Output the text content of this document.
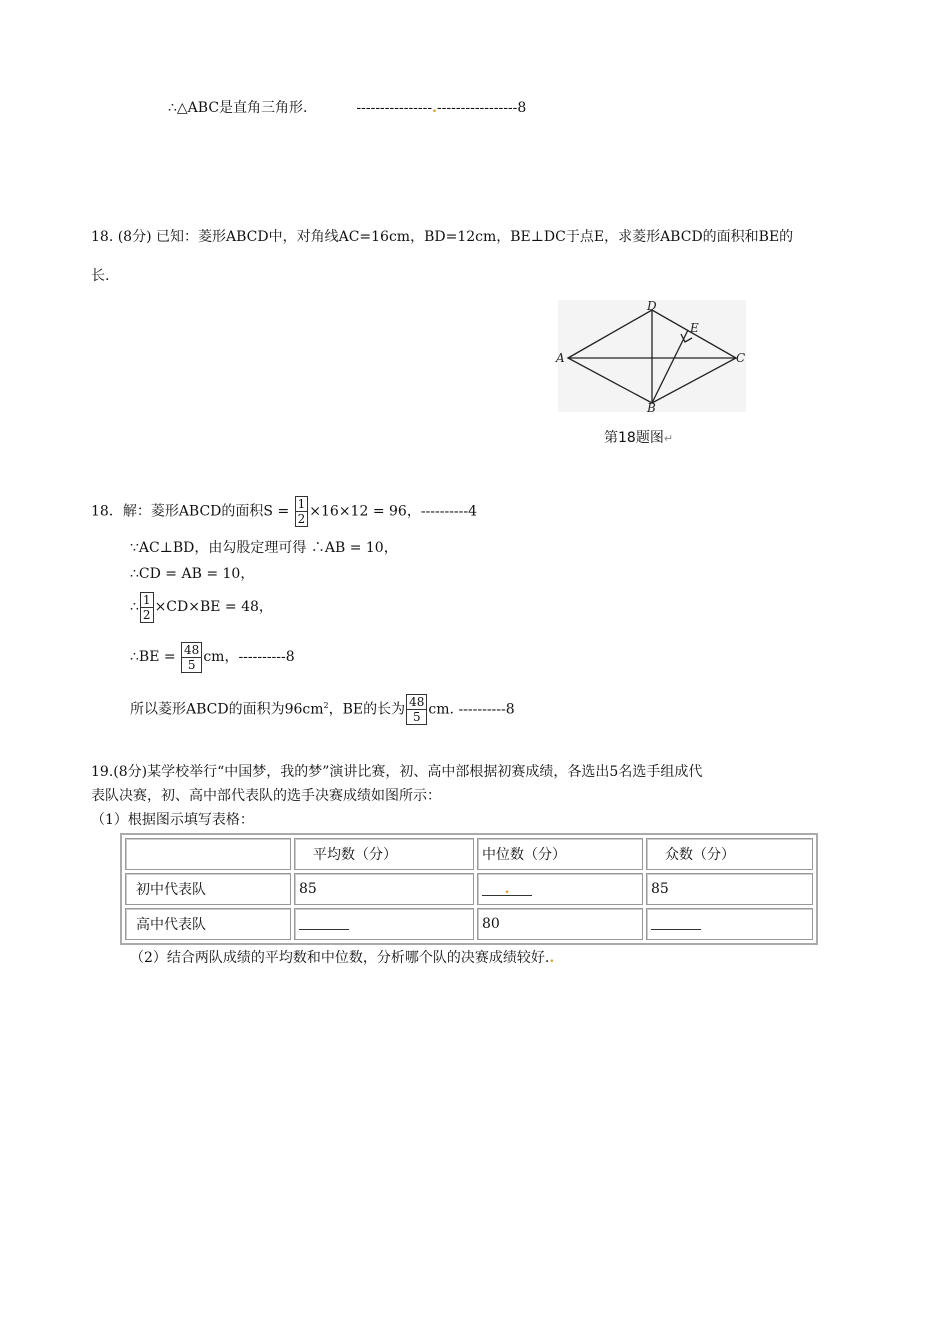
∴△ABC是直角三角形.	----------------.-----------------8
18. (8分) 已知：菱形ABCD中，对角线AC=16cm，BD=12cm，BE⊥DC于点E，求菱形ABCD的面积和BE的
长.
A
B
C
D
E
第18题图↵
18．解：菱形ABCD的面积$S = \frac{1}{2} \times 16\times 12 = 96$，----------4
∵AC⊥BD，由勾股定理可得 ∴AB = 10，
∴CD = AB = 10，
∴ $\frac{1}{2} \times CD\times BE = 48$，
∴BE = $\frac{48}{5}$ cm，----------8
所以菱形ABCD的面积为$96cm^2$，BE的长为 $\frac{48}{5}$ cm. ----------8
19.(8分)某学校举行“中国梦，我的梦”演讲比赛，初、高中部根据初赛成绩，各选出5名选手组成代
表队决赛，初、高中部代表队的选手决赛成绩如图所示：
（1）根据图示填写表格：
	平均数（分）	中位数（分）	众数（分）
初中代表队	85	.	85
高中代表队		80	
（2）结合两队成绩的平均数和中位数，分析哪个队的决赛成绩较好..
